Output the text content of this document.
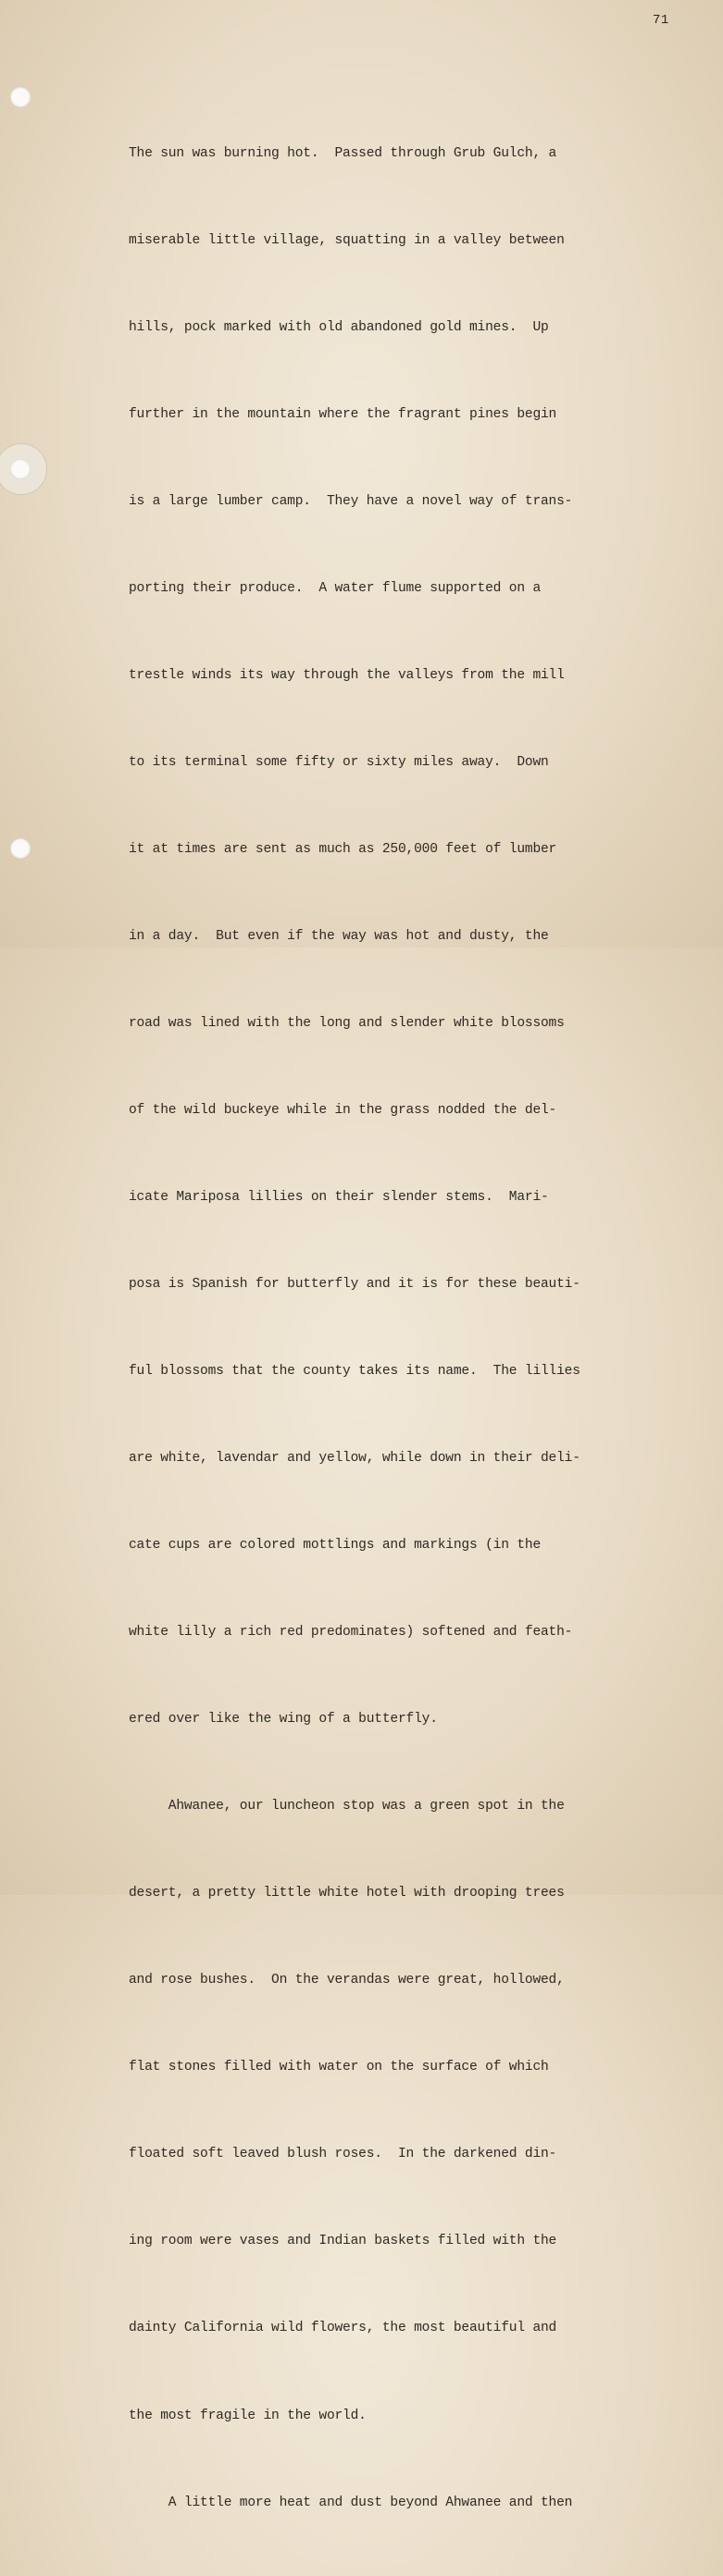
71

The sun was burning hot.  Passed through Grub Gulch, a

miserable little village, squatting in a valley between

hills, pock marked with old abandoned gold mines.  Up

further in the mountain where the fragrant pines begin

is a large lumber camp.  They have a novel way of trans-

porting their produce.  A water flume supported on a

trestle winds its way through the valleys from the mill

to its terminal some fifty or sixty miles away.  Down

it at times are sent as much as 250,000 feet of lumber

in a day.  But even if the way was hot and dusty, the

road was lined with the long and slender white blossoms

of the wild buckeye while in the grass nodded the del-

icate Mariposa lillies on their slender stems.  Mari-

posa is Spanish for butterfly and it is for these beauti-

ful blossoms that the county takes its name.  The lillies

are white, lavendar and yellow, while down in their deli-

cate cups are colored mottlings and markings (in the

white lilly a rich red predominates) softened and feath-

ered over like the wing of a butterfly.

Ahwanee, our luncheon stop was a green spot in the

desert, a pretty little white hotel with drooping trees

and rose bushes.  On the verandas were great, hollowed,

flat stones filled with water on the surface of which

floated soft leaved blush roses.  In the darkened din-

ing room were vases and Indian baskets filled with the

dainty California wild flowers, the most beautiful and

the most fragile in the world.

A little more heat and dust beyond Ahwanee and then
